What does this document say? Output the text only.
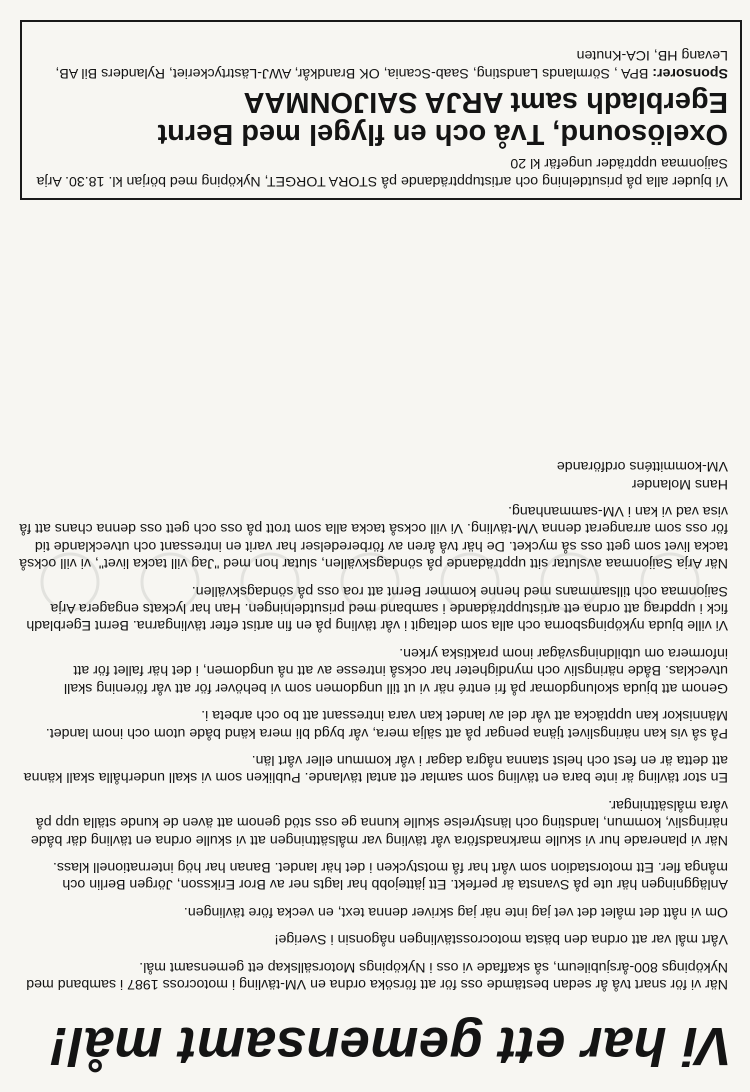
Vi har ett gemensamt mål!

När vi för snart två år sedan bestämde oss för att försöka ordna en VM-tävling i motocross 1987 i samband med Nyköpings 800-årsjubileum, så skaffade vi oss i Nyköpings Motorsällskap ett gemensamt mål.

Vårt mål var att ordna den bästa motocrosstävlingen någonsin i Sverige!

Om vi nått det målet det vet jag inte när jag skriver denna text, en vecka före tävlingen.

Anläggningen här ute på Svansta är perfekt. Ett jättejobb har lagts ner av Bror Eriksson, Jörgen Berlin och många fler. Ett motorstadion som vårt har få motstycken i det här landet. Banan har hög internationell klass.

När vi planerade hur vi skulle marknadsföra vår tävling var målsättningen att vi skulle ordna en tävling där både näringsliv, kommun, landsting och länstyrelse skulle kunna ge oss stöd genom att även de kunde ställa upp på våra målsättningar.

En stor tävling är inte bara en tävling som samlar ett antal tävlande. Publiken som vi skall underhålla skall känna att detta är en fest och helst stanna några dagar i vår kommun eller vårt län.

På så vis kan näringslivet tjäna pengar på att sälja mera, vår bygd bli mera känd både utom och inom landet. Människor kan upptäcka att vår del av landet kan vara intressant att bo och arbeta i.

Genom att bjuda skolungdomar på fri entré när vi ut till ungdomen som vi behöver för att vår förening skall utvecklas. Både näringsliv och myndigheter har också intresse av att nå ungdomen, i det här fallet för att informera om utbildningsvägar inom praktiska yrken.

Vi ville bjuda nyköpingsborna och alla som deltagit i vår tävling på en fin artist efter tävlingarna. Bernt Egerbladh fick i uppdrag att ordna ett artistuppträdande i samband med prisutdelningen. Han har lyckats engagera Arja Saijonmaa och tillsammans med henne kommer Bernt att roa oss på söndagskvällen.

När Arja Saijonmaa avslutar sitt uppträdande på söndagskvällen, slutar hon med "Jag vill tacka livet", vi vill också tacka livet som gett oss så mycket. De här två åren av förberedelser har varit en intressant och utvecklande tid för oss som arrangerat denna VM-tävling. Vi vill också tacka alla som trott på oss och gett oss denna chans att få visa vad vi kan i VM-sammanhang.

Hans Molander

VM-kommitténs ordförande

Vi bjuder alla på prisutdelning och artistuppträdande på STORA TORGET, Nyköping med början kl. 18.30. Arja Saijonmaa uppträder ungefär kl 20

Oxelösound, Två och en flygel med Bernt Egerbladh samt ARJA SAIJONMAA

Sponsorer: BPA , Sörmlands Landsting, Saab-Scania, OK Brandkår, AWJ-Lästrtyckeriet, Rylanders Bil AB, Levang HB, ICA-Knuten
